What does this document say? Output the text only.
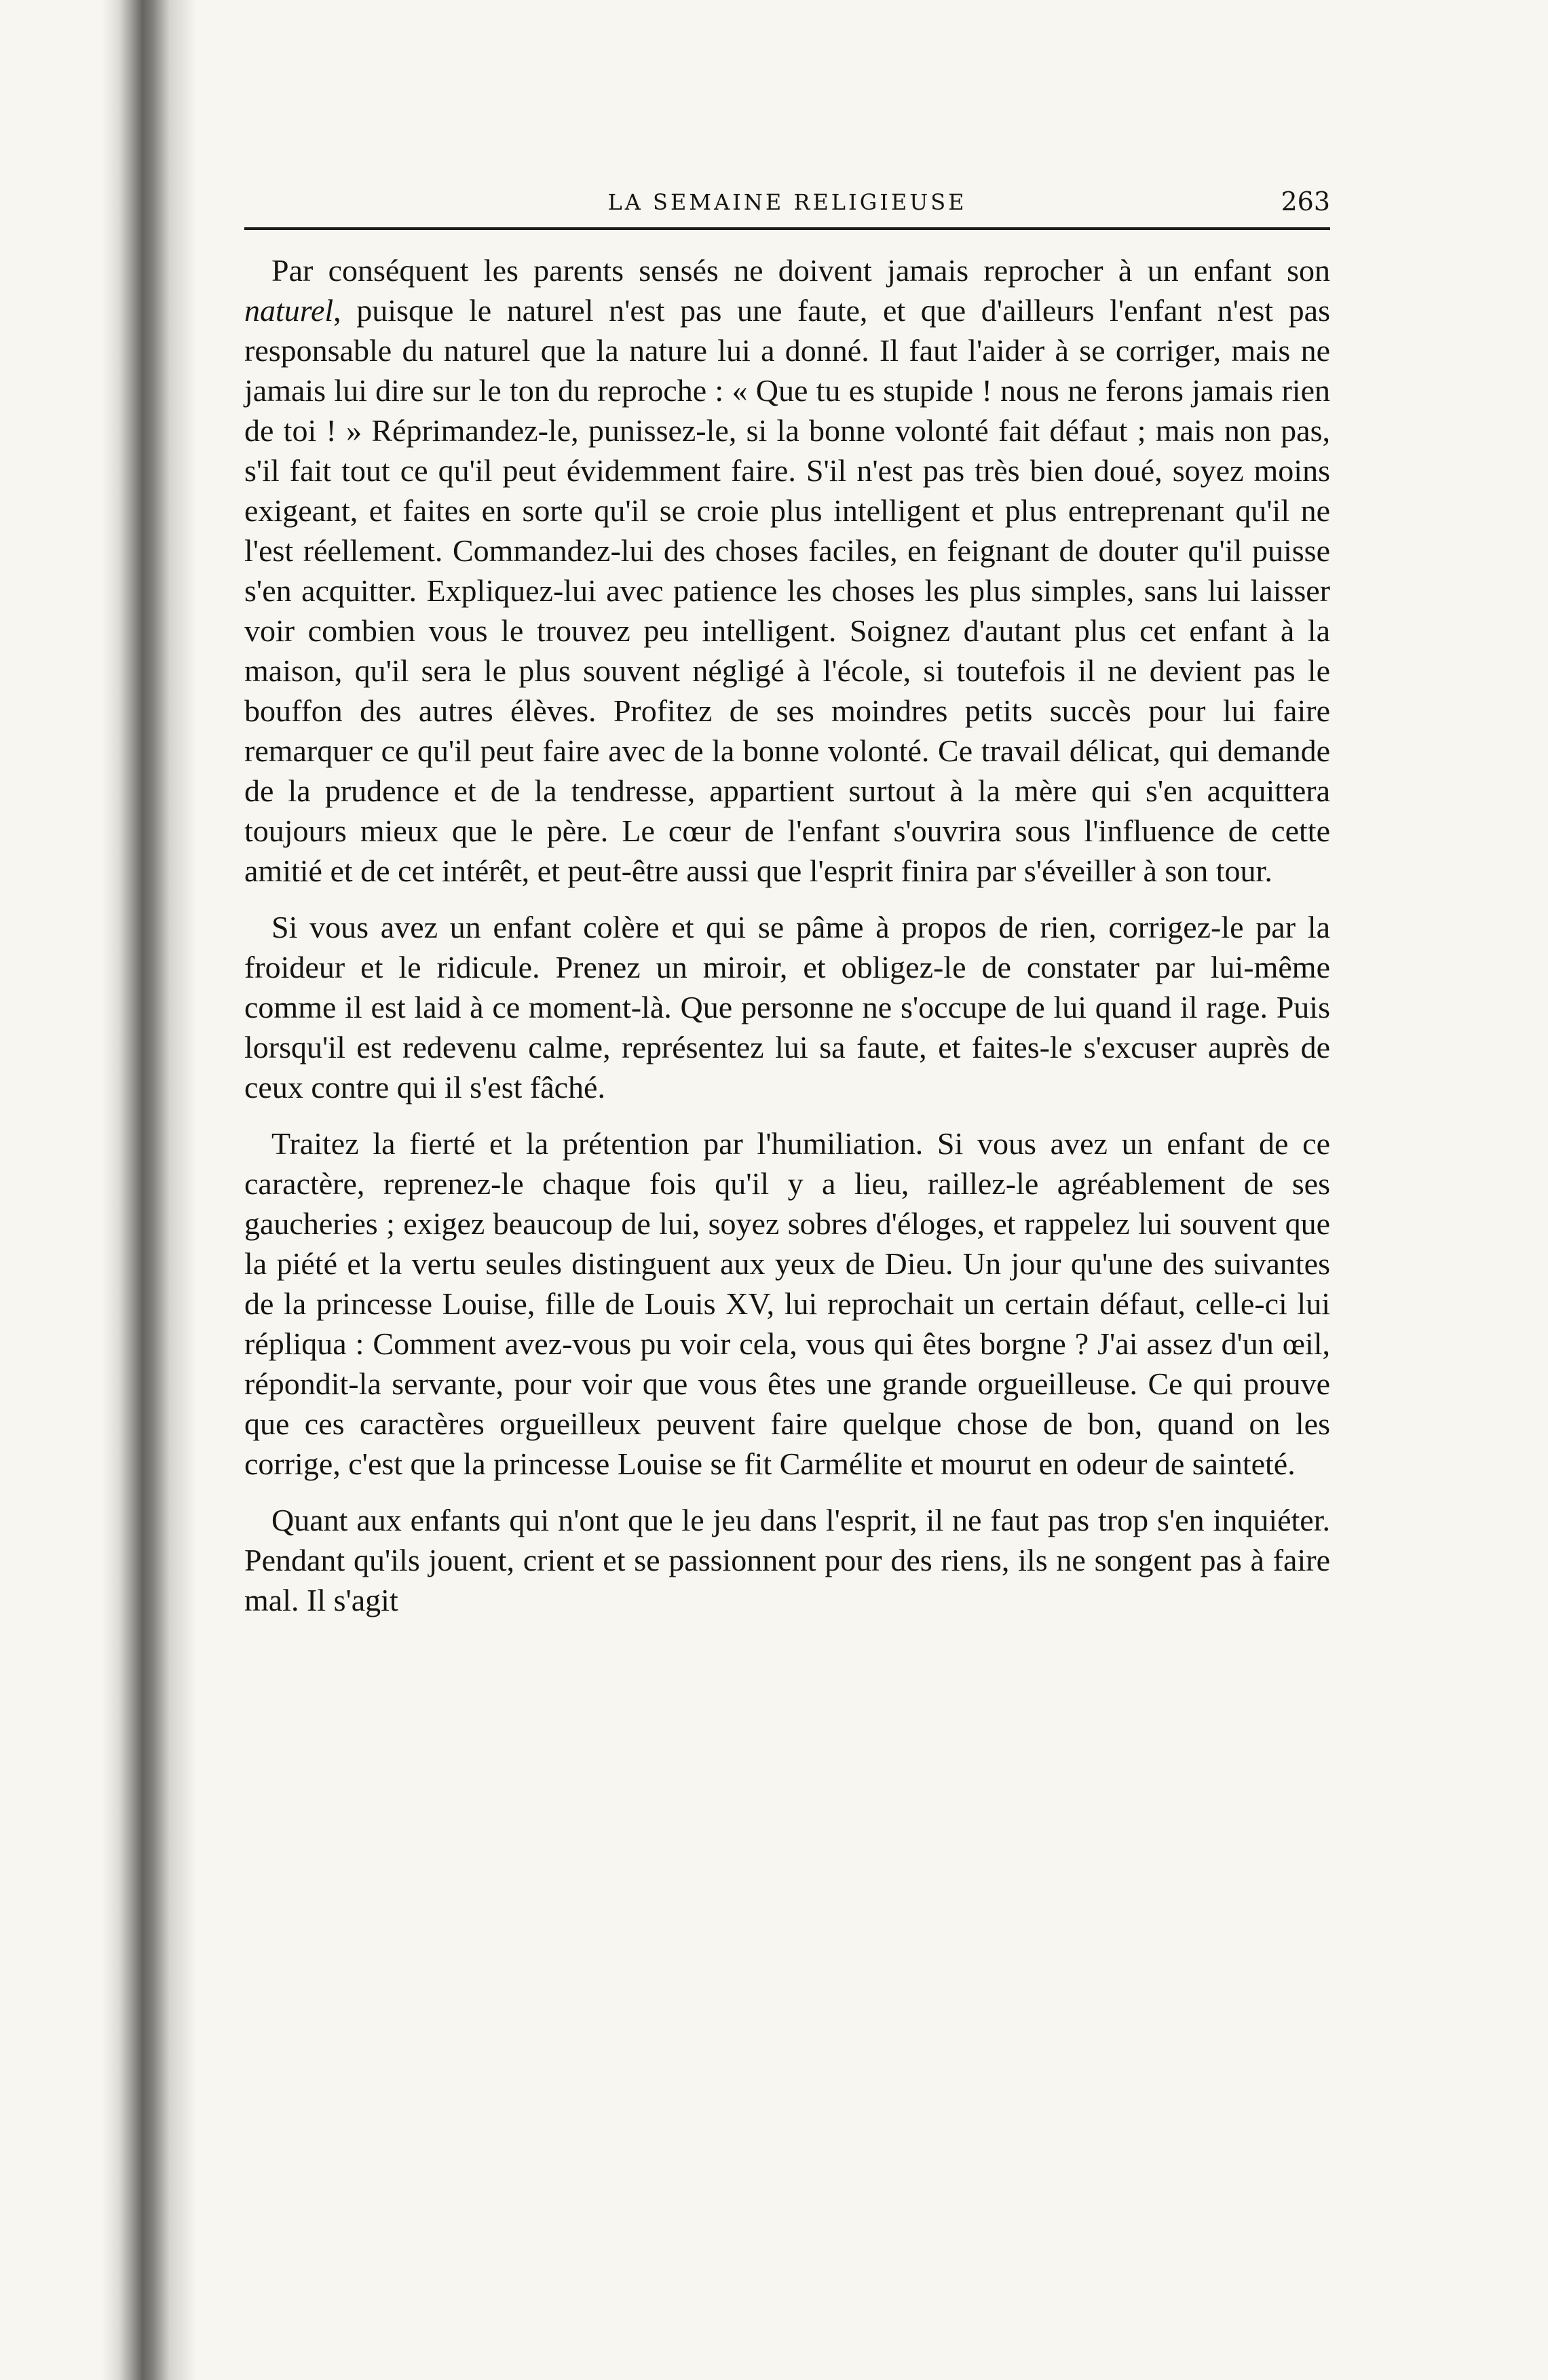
LA SEMAINE RELIGIEUSE	263

Par conséquent les parents sensés ne doivent jamais reprocher à un enfant son naturel, puisque le naturel n'est pas une faute, et que d'ailleurs l'enfant n'est pas responsable du naturel que la nature lui a donné. Il faut l'aider à se corriger, mais ne jamais lui dire sur le ton du reproche : « Que tu es stupide ! nous ne ferons jamais rien de toi ! » Réprimandez-le, punissez-le, si la bonne volonté fait défaut ; mais non pas, s'il fait tout ce qu'il peut évidemment faire. S'il n'est pas très bien doué, soyez moins exigeant, et faites en sorte qu'il se croie plus intelligent et plus entreprenant qu'il ne l'est réellement. Commandez-lui des choses faciles, en feignant de douter qu'il puisse s'en acquitter. Expliquez-lui avec patience les choses les plus simples, sans lui laisser voir combien vous le trouvez peu intelligent. Soignez d'autant plus cet enfant à la maison, qu'il sera le plus souvent négligé à l'école, si toutefois il ne devient pas le bouffon des autres élèves. Profitez de ses moindres petits succès pour lui faire remarquer ce qu'il peut faire avec de la bonne volonté. Ce travail délicat, qui demande de la prudence et de la tendresse, appartient surtout à la mère qui s'en acquittera toujours mieux que le père. Le cœur de l'enfant s'ouvrira sous l'influence de cette amitié et de cet intérêt, et peut-être aussi que l'esprit finira par s'éveiller à son tour.

Si vous avez un enfant colère et qui se pâme à propos de rien, corrigez-le par la froideur et le ridicule. Prenez un miroir, et obligez-le de constater par lui-même comme il est laid à ce moment-là. Que personne ne s'occupe de lui quand il rage. Puis lorsqu'il est redevenu calme, représentez lui sa faute, et faites-le s'excuser auprès de ceux contre qui il s'est fâché.

Traitez la fierté et la prétention par l'humiliation. Si vous avez un enfant de ce caractère, reprenez-le chaque fois qu'il y a lieu, raillez-le agréablement de ses gaucheries ; exigez beaucoup de lui, soyez sobres d'éloges, et rappelez lui souvent que la piété et la vertu seules distinguent aux yeux de Dieu. Un jour qu'une des suivantes de la princesse Louise, fille de Louis XV, lui reprochait un certain défaut, celle-ci lui répliqua : Comment avez-vous pu voir cela, vous qui êtes borgne ? J'ai assez d'un œil, répondit-la servante, pour voir que vous êtes une grande orgueilleuse. Ce qui prouve que ces caractères orgueilleux peuvent faire quelque chose de bon, quand on les corrige, c'est que la princesse Louise se fit Carmélite et mourut en odeur de sainteté.

Quant aux enfants qui n'ont que le jeu dans l'esprit, il ne faut pas trop s'en inquiéter. Pendant qu'ils jouent, crient et se passionnent pour des riens, ils ne songent pas à faire mal. Il s'agit
